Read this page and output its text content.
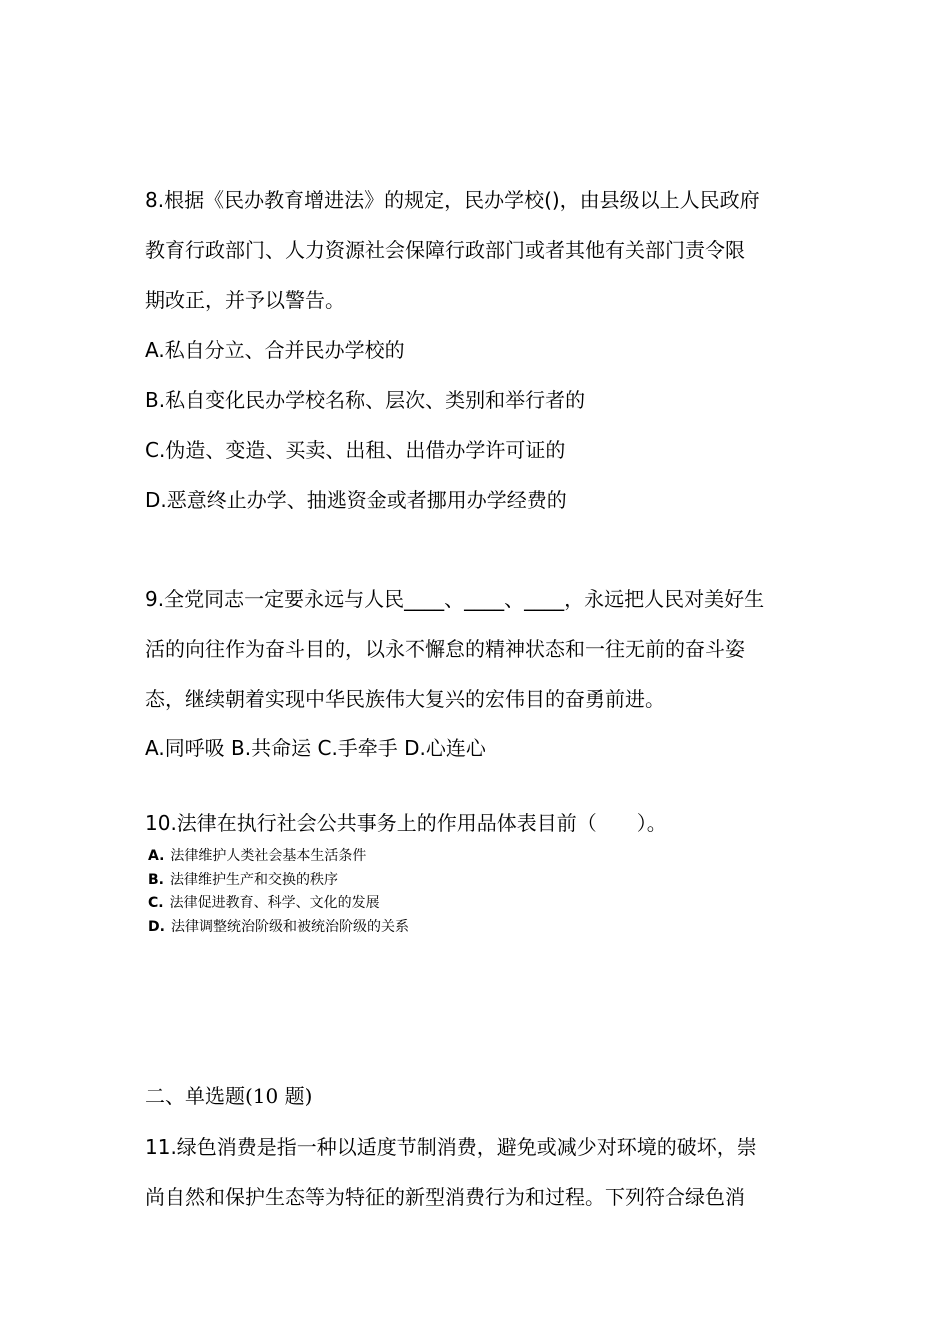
8.根据《民办教育增进法》的规定，民办学校()，由县级以上人民政府
教育行政部门、人力资源社会保障行政部门或者其他有关部门责令限
期改正，并予以警告。
A.私自分立、合并民办学校的
B.私自变化民办学校名称、层次、类别和举行者的
C.伪造、变造、买卖、出租、出借办学许可证的
D.恶意终止办学、抽逃资金或者挪用办学经费的
9.全党同志一定要永远与人民____、____、____，永远把人民对美好生
活的向往作为奋斗目的，以永不懈怠的精神状态和一往无前的奋斗姿
态，继续朝着实现中华民族伟大复兴的宏伟目的奋勇前进。
A.同呼吸 B.共命运 C.手牵手 D.心连心
10.法律在执行社会公共事务上的作用品体表目前（　　）。
A. 法律维护人类社会基本生活条件
B. 法律维护生产和交换的秩序
C. 法律促进教育、科学、文化的发展
D. 法律调整统治阶级和被统治阶级的关系
二、单选题(10 题)
11.绿色消费是指一种以适度节制消费，避免或减少对环境的破坏，崇
尚自然和保护生态等为特征的新型消费行为和过程。下列符合绿色消
